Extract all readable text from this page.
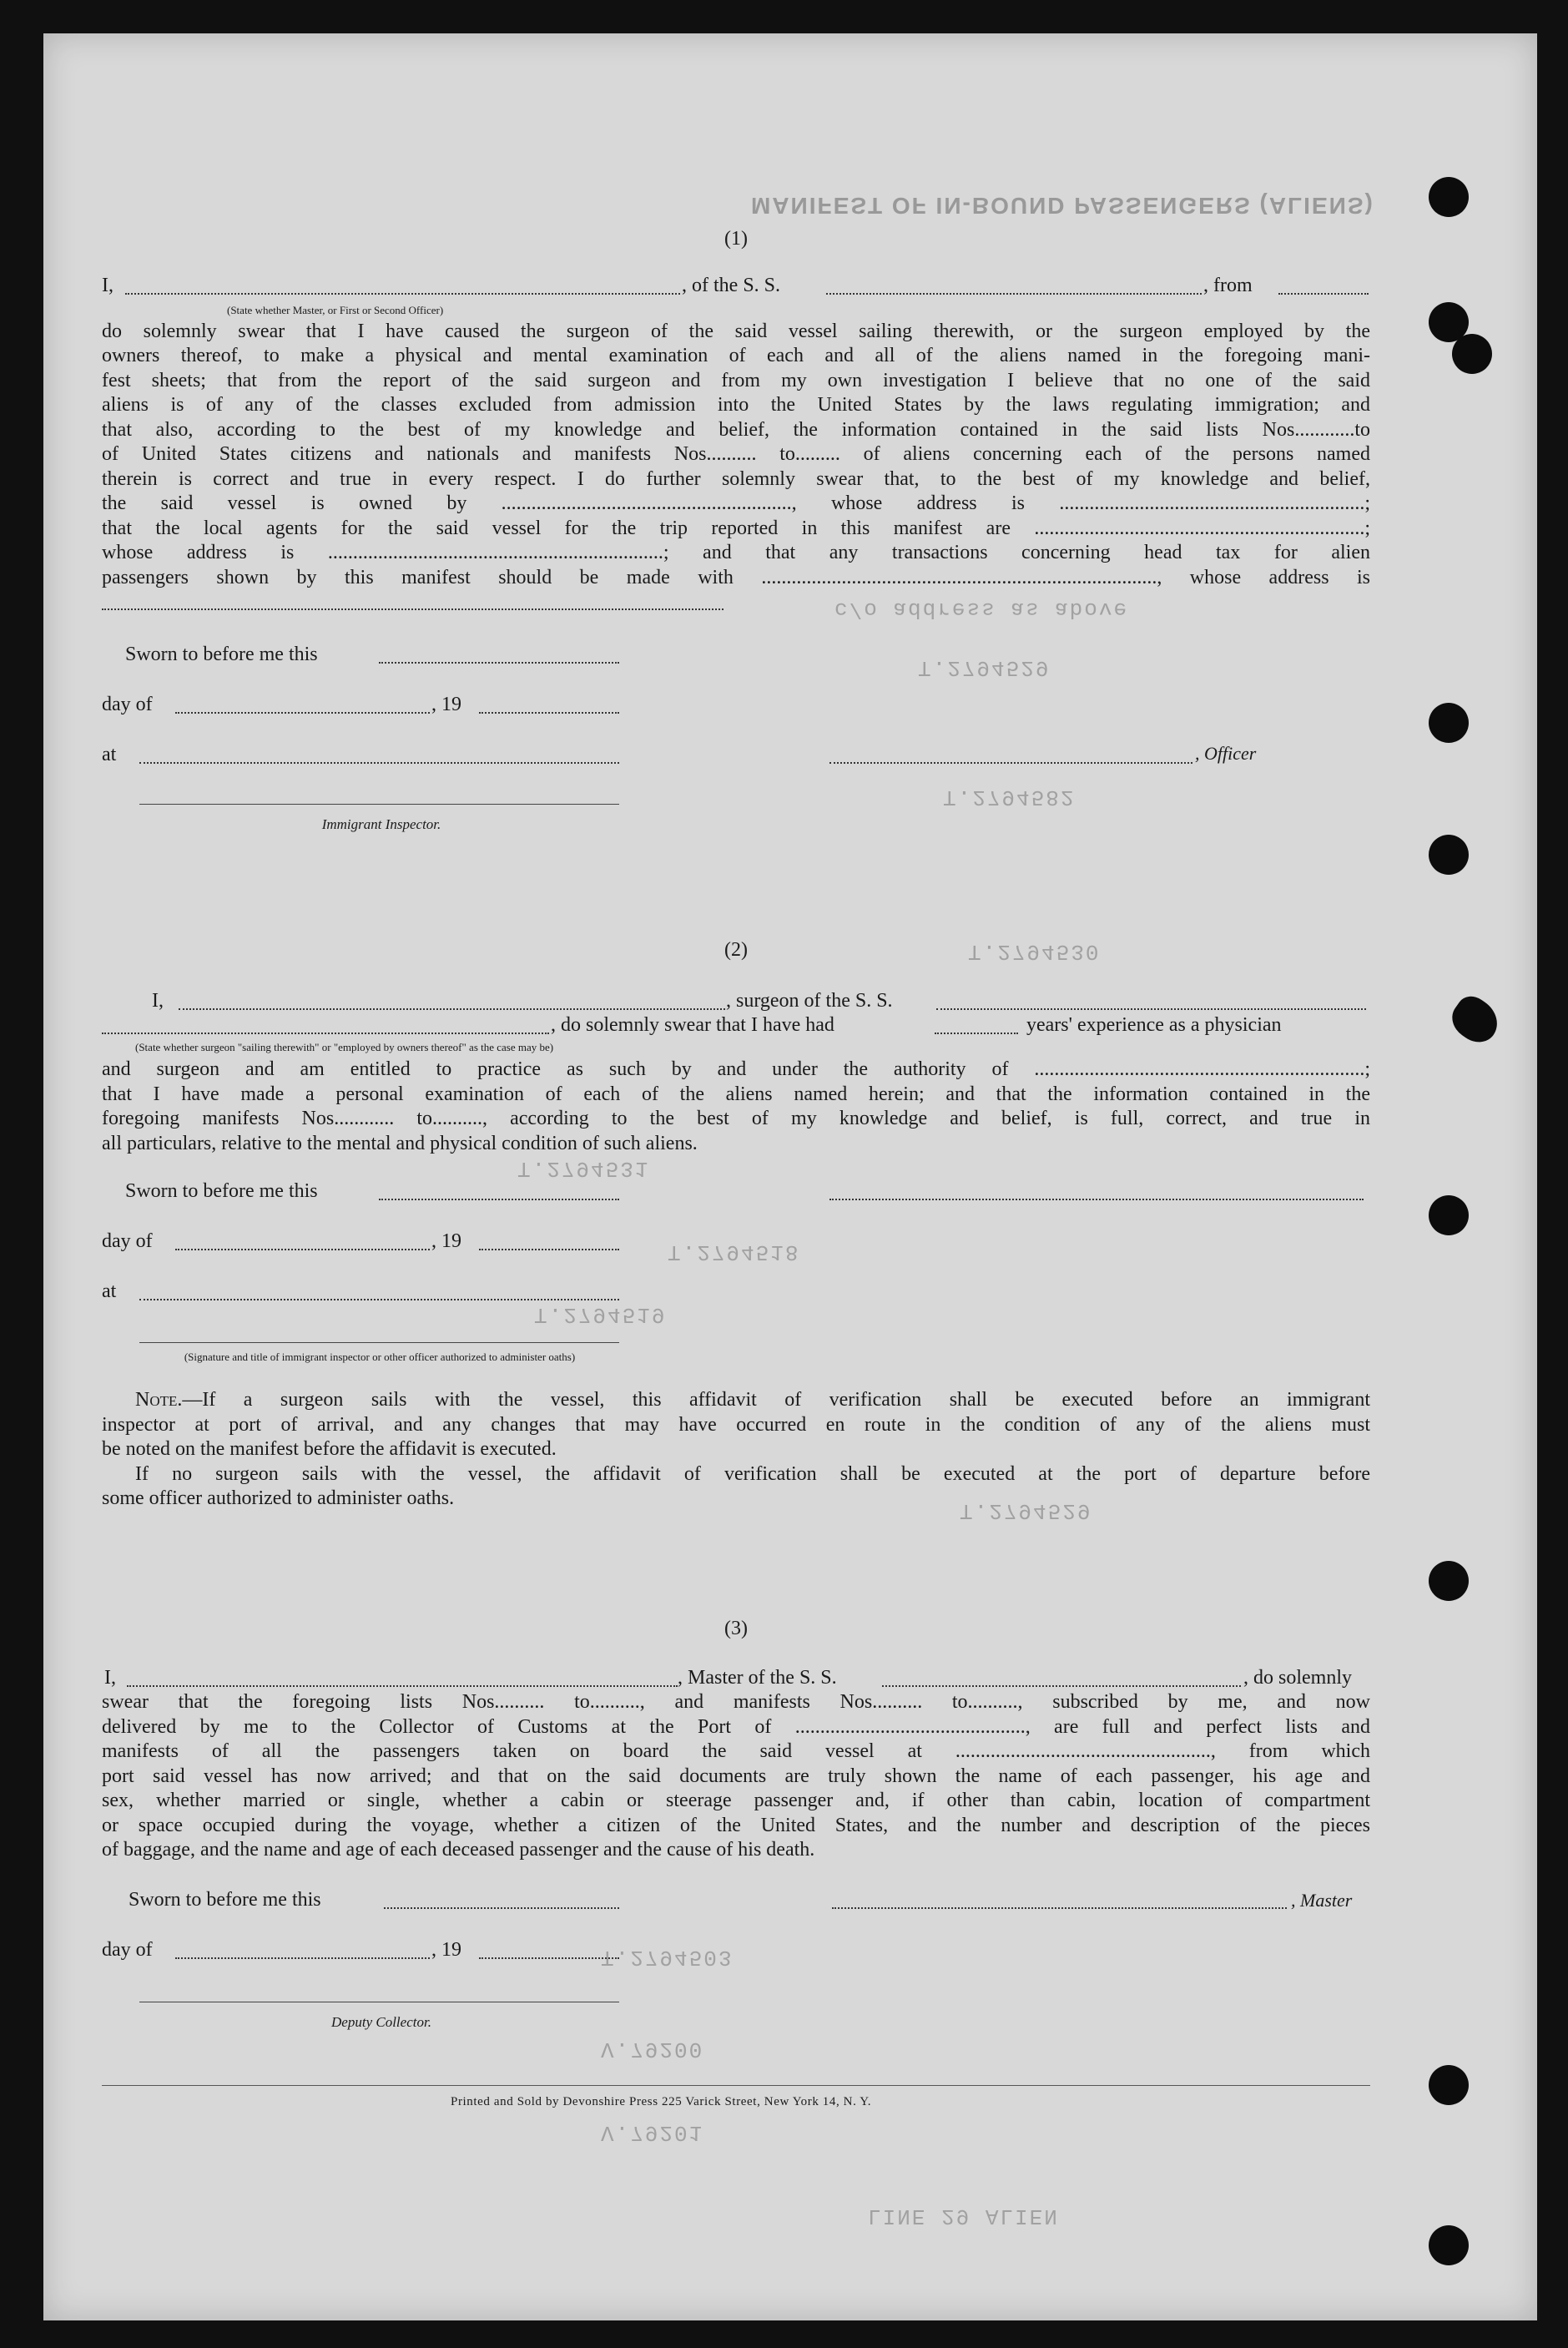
MANIFEST OF IN-BOUND PASSENGERS (ALIENS)
c/o address as above
T.2794529
T.2794582
T.2794530
T.2794531
T.2794518
T.2794519
T.2794529
T.2794503
V.79200
V.79201
LINE 29 ALIEN
(1)
I,	, of the S. S.	, from
(State whether Master, or First or Second Officer)
do solemnly swear that I have caused the surgeon of the said vessel sailing therewith, or the surgeon employed by the
owners thereof, to make a physical and mental examination of each and all of the aliens named in the foregoing mani-
fest sheets; that from the report of the said surgeon and from my own investigation I believe that no one of the said
aliens is of any of the classes excluded from admission into the United States by the laws regulating immigration; and
that also, according to the best of my knowledge and belief, the information contained in the said lists Nos............to
of United States citizens and nationals and manifests Nos.......... to......... of aliens concerning each of the persons named
therein is correct and true in every respect. I do further solemnly swear that, to the best of my knowledge and belief,
the said vessel is owned by .........................................................., whose address is .............................................................;
that the local agents for the said vessel for the trip reported in this manifest are ..................................................................;
whose address is ...................................................................; and that any transactions concerning head tax for alien
passengers shown by this manifest should be made with ..............................................................................., whose address is
Sworn to before me this
day of	, 19
at	, Officer
Immigrant Inspector.
(2)
I,	, surgeon of the S. S.
, do solemnly swear that I have had	years' experience as a physician
(State whether surgeon "sailing therewith" or "employed by owners thereof" as the case may be)
and surgeon and am entitled to practice as such by and under the authority of ..................................................................;
that I have made a personal examination of each of the aliens named herein; and that the information contained in the
foregoing manifests Nos............ to.........., according to the best of my knowledge and belief, is full, correct, and true in
all particulars, relative to the mental and physical condition of such aliens.
Sworn to before me this
day of	, 19
at
(Signature and title of immigrant inspector or other officer authorized to administer oaths)
Note.—If a surgeon sails with the vessel, this affidavit of verification shall be executed before an immigrant
inspector at port of arrival, and any changes that may have occurred en route in the condition of any of the aliens must
be noted on the manifest before the affidavit is executed.
If no surgeon sails with the vessel, the affidavit of verification shall be executed at the port of departure before
some officer authorized to administer oaths.
(3)
I,	, Master of the S. S.	, do solemnly
swear that the foregoing lists Nos.......... to.........., and manifests Nos.......... to.........., subscribed by me, and now
delivered by me to the Collector of Customs at the Port of .............................................., are full and perfect lists and
manifests of all the passengers taken on board the said vessel at ..................................................., from which
port said vessel has now arrived; and that on the said documents are truly shown the name of each passenger, his age and
sex, whether married or single, whether a cabin or steerage passenger and, if other than cabin, location of compartment
or space occupied during the voyage, whether a citizen of the United States, and the number and description of the pieces
of baggage, and the name and age of each deceased passenger and the cause of his death.
Sworn to before me this	, Master
day of	, 19
Deputy Collector.
Printed and Sold by Devonshire Press 225 Varick Street, New York 14, N. Y.
